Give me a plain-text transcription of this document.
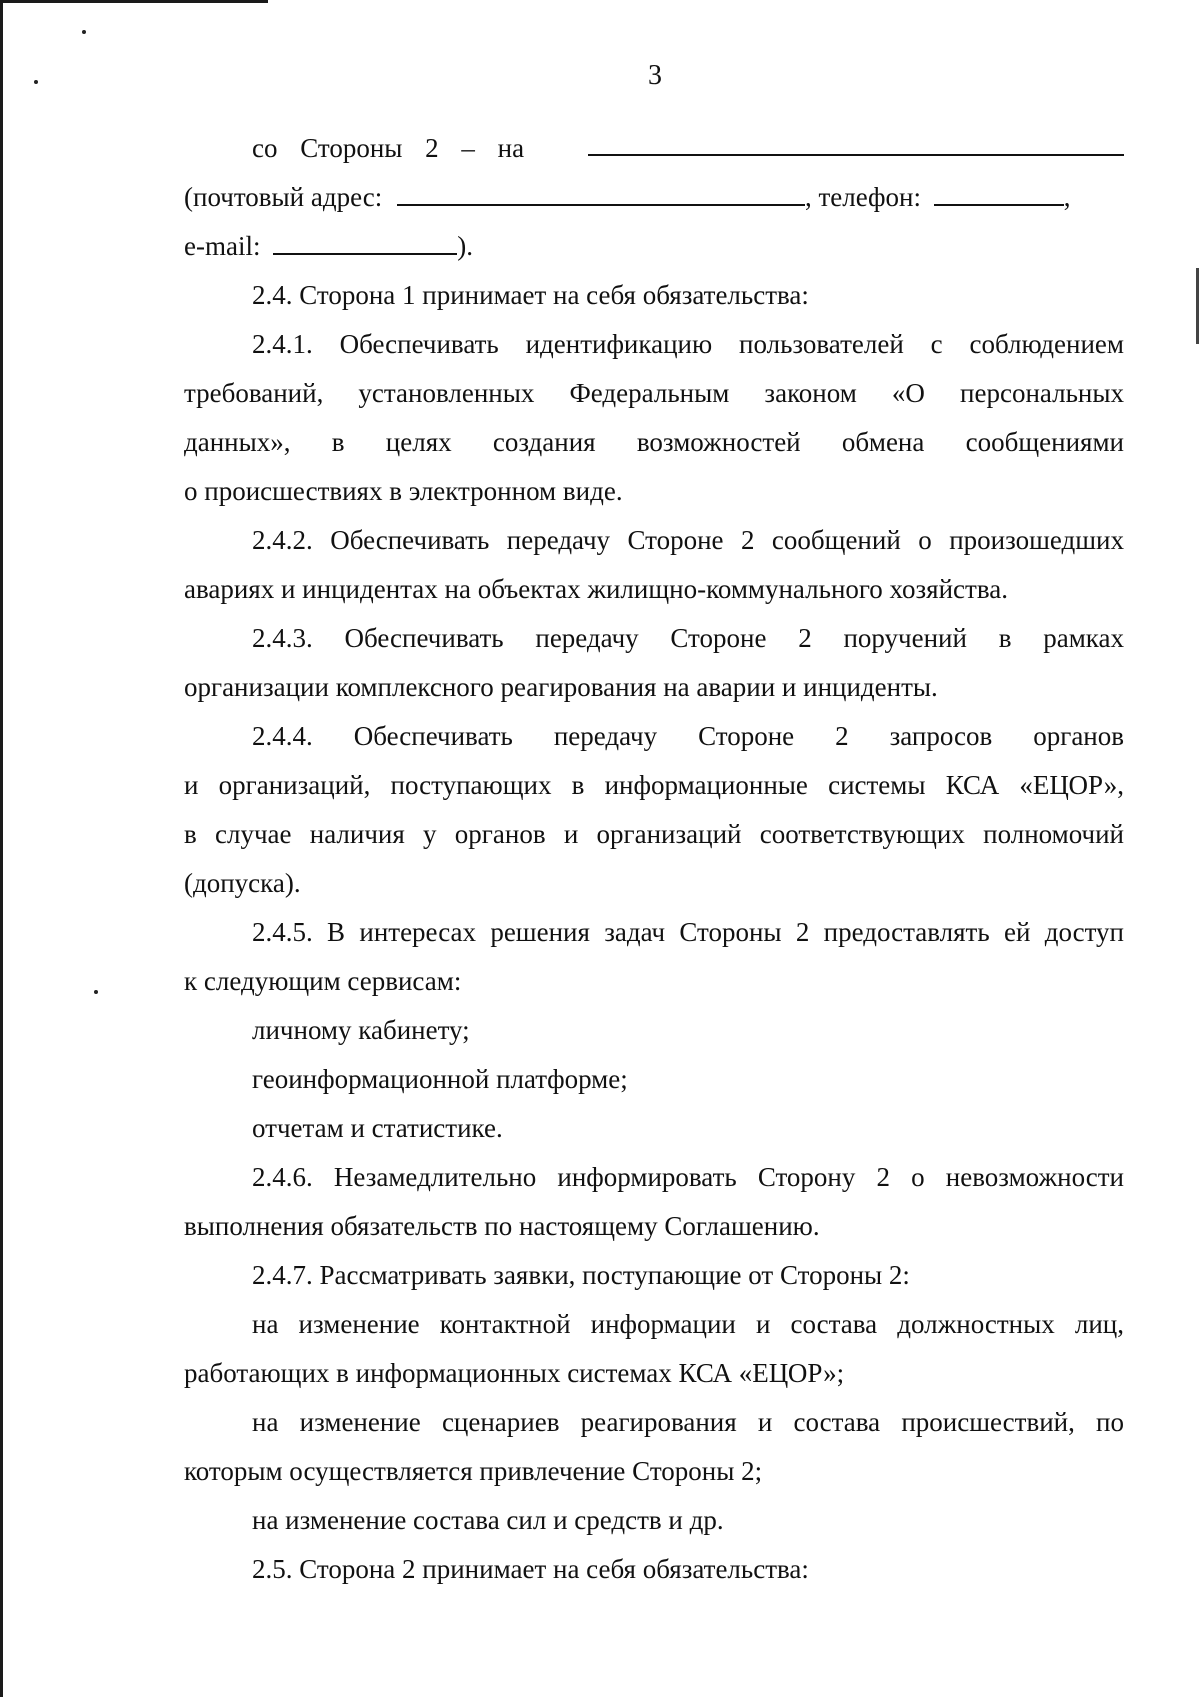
3
со Стороны 2 – на
(почтовый адрес:	, телефон:	,
e-mail:	).
2.4. Сторона 1 принимает на себя обязательства:
2.4.1. Обеспечивать идентификацию пользователей с соблюдением
требований, установленных Федеральным законом «О персональных
данных», в целях создания возможностей обмена сообщениями
о происшествиях в электронном виде.
2.4.2. Обеспечивать передачу Стороне 2 сообщений о произошедших
авариях и инцидентах на объектах жилищно-коммунального хозяйства.
2.4.3. Обеспечивать передачу Стороне 2 поручений в рамках
организации комплексного реагирования на аварии и инциденты.
2.4.4. Обеспечивать передачу Стороне 2 запросов органов
и организаций, поступающих в информационные системы КСА «ЕЦОР»,
в случае наличия у органов и организаций соответствующих полномочий
(допуска).
2.4.5. В интересах решения задач Стороны 2 предоставлять ей доступ
к следующим сервисам:
личному кабинету;
геоинформационной платформе;
отчетам и статистике.
2.4.6. Незамедлительно информировать Сторону 2 о невозможности
выполнения обязательств по настоящему Соглашению.
2.4.7. Рассматривать заявки, поступающие от Стороны 2:
на изменение контактной информации и состава должностных лиц,
работающих в информационных системах КСА «ЕЦОР»;
на изменение сценариев реагирования и состава происшествий, по
которым осуществляется привлечение Стороны 2;
на изменение состава сил и средств и др.
2.5. Сторона 2 принимает на себя обязательства:
